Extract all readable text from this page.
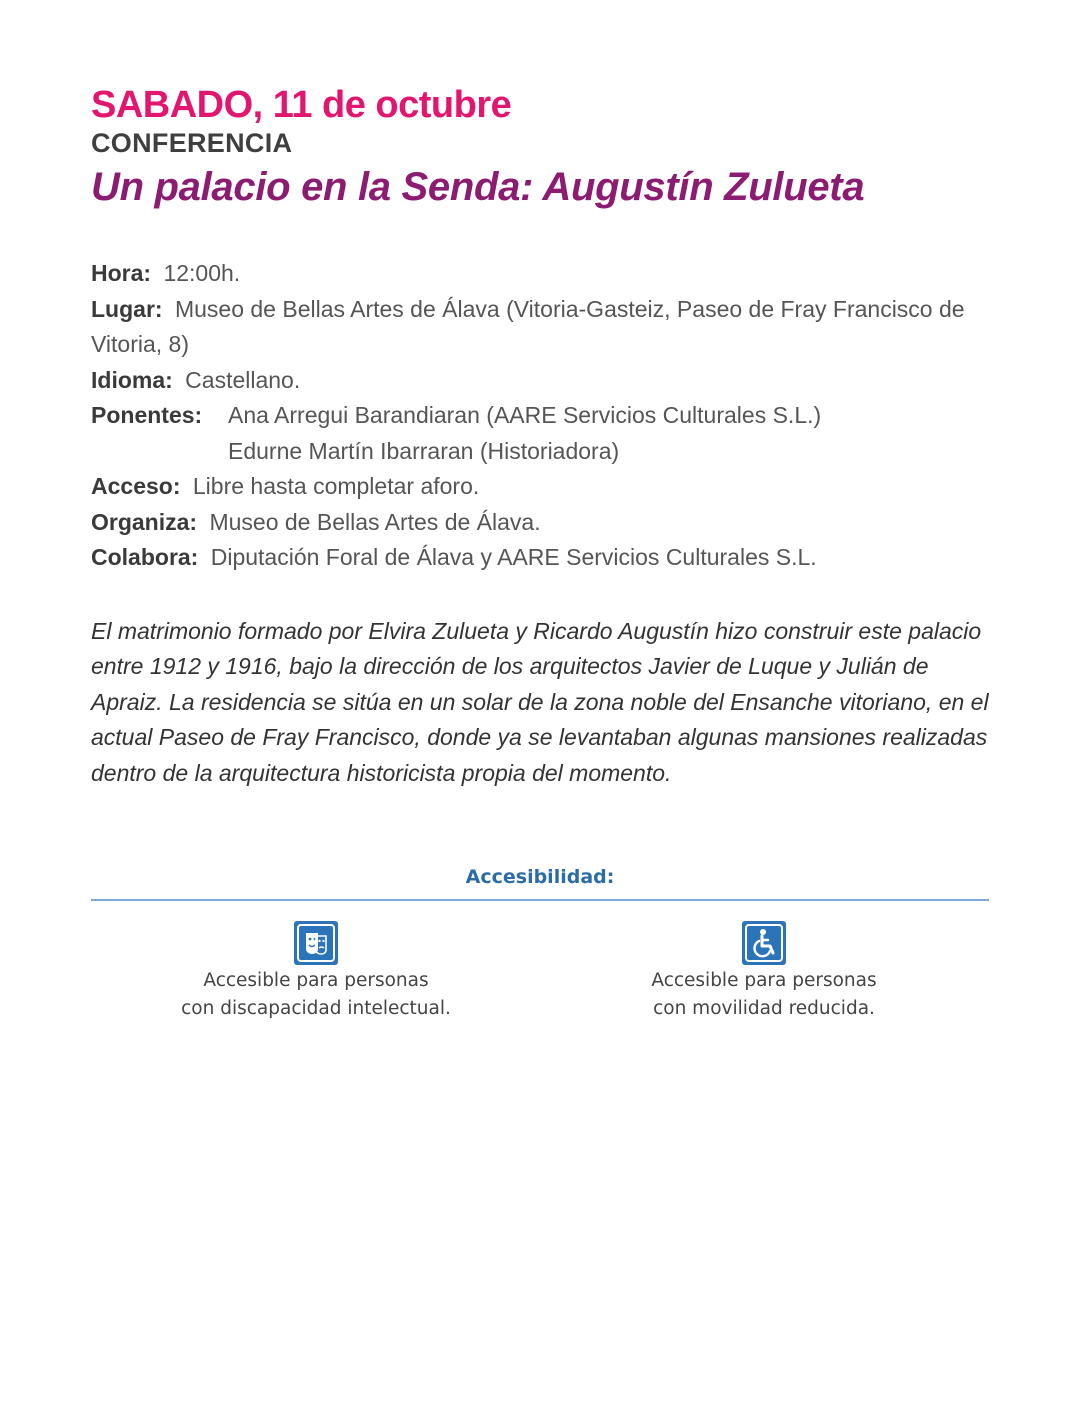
SABADO, 11 de octubre
CONFERENCIA
Un palacio en la Senda: Augustín Zulueta
Hora: 12:00h.
Lugar: Museo de Bellas Artes de Álava (Vitoria-Gasteiz, Paseo de Fray Francisco de Vitoria, 8)
Idioma: Castellano.
Ponentes:	Ana Arregui Barandiaran (AARE Servicios Culturales S.L.)
Edurne Martín Ibarraran (Historiadora)
Acceso: Libre hasta completar aforo.
Organiza: Museo de Bellas Artes de Álava.
Colabora: Diputación Foral de Álava y AARE Servicios Culturales S.L.

El matrimonio formado por Elvira Zulueta y Ricardo Augustín hizo construir este palacio entre 1912 y 1916, bajo la dirección de los arquitectos Javier de Luque y Julián de Apraiz. La residencia se sitúa en un solar de la zona noble del Ensanche vitoriano, en el actual Paseo de Fray Francisco, donde ya se levantaban algunas mansiones realizadas dentro de la arquitectura historicista propia del momento.

Accesibilidad:
Accesible para personas
con discapacidad intelectual.
Accesible para personas
con movilidad reducida.
